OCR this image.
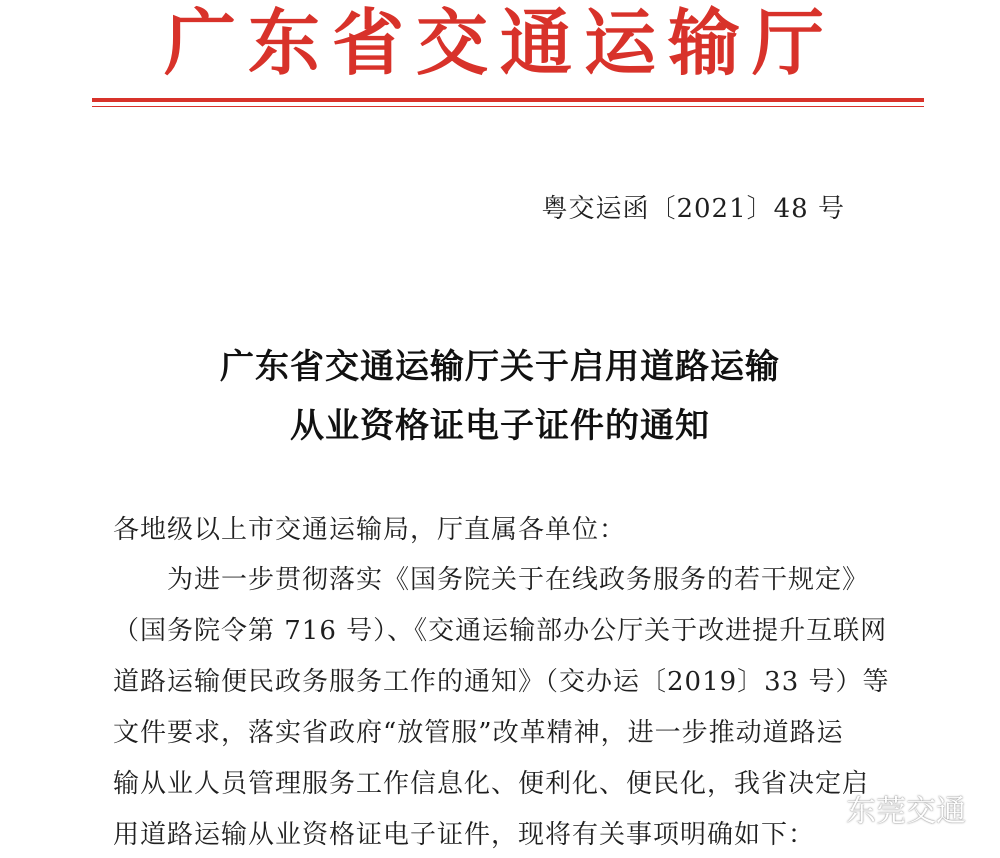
广东省交通运输厅
粤交运函〔2021〕48 号
广东省交通运输厅关于启用道路运输
从业资格证电子证件的通知
各地级以上市交通运输局，厅直属各单位：
为进一步贯彻落实《国务院关于在线政务服务的若干规定》
（国务院令第 716 号）、《交通运输部办公厅关于改进提升互联网
道路运输便民政务服务工作的通知》（交办运〔2019〕33 号）等
文件要求，落实省政府“放管服”改革精神，进一步推动道路运
输从业人员管理服务工作信息化、便利化、便民化，我省决定启
用道路运输从业资格证电子证件，现将有关事项明确如下：
东莞交通
